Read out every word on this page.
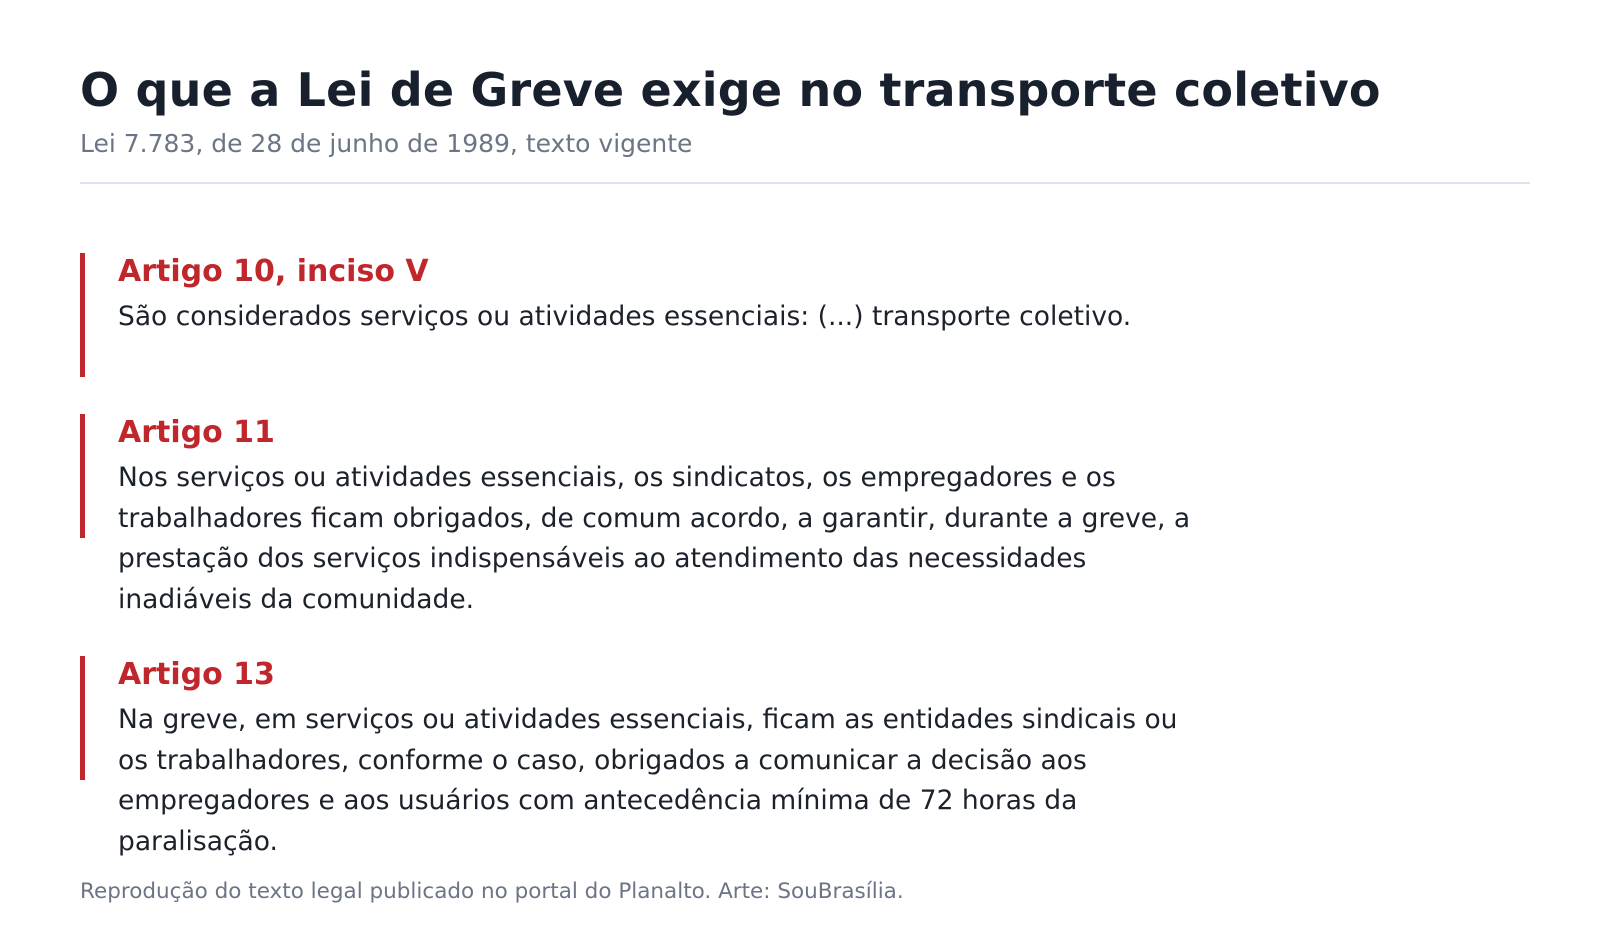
O que a Lei de Greve exige no transporte coletivo
Lei 7.783, de 28 de junho de 1989, texto vigente
Artigo 10, inciso V
São considerados serviços ou atividades essenciais: (...) transporte coletivo.
Artigo 11
Nos serviços ou atividades essenciais, os sindicatos, os empregadores e os trabalhadores ficam obrigados, de comum acordo, a garantir, durante a greve, a prestação dos serviços indispensáveis ao atendimento das necessidades inadiáveis da comunidade.
Artigo 13
Na greve, em serviços ou atividades essenciais, ficam as entidades sindicais ou os trabalhadores, conforme o caso, obrigados a comunicar a decisão aos empregadores e aos usuários com antecedência mínima de 72 horas da paralisação.
Reprodução do texto legal publicado no portal do Planalto. Arte: SouBrasília.
